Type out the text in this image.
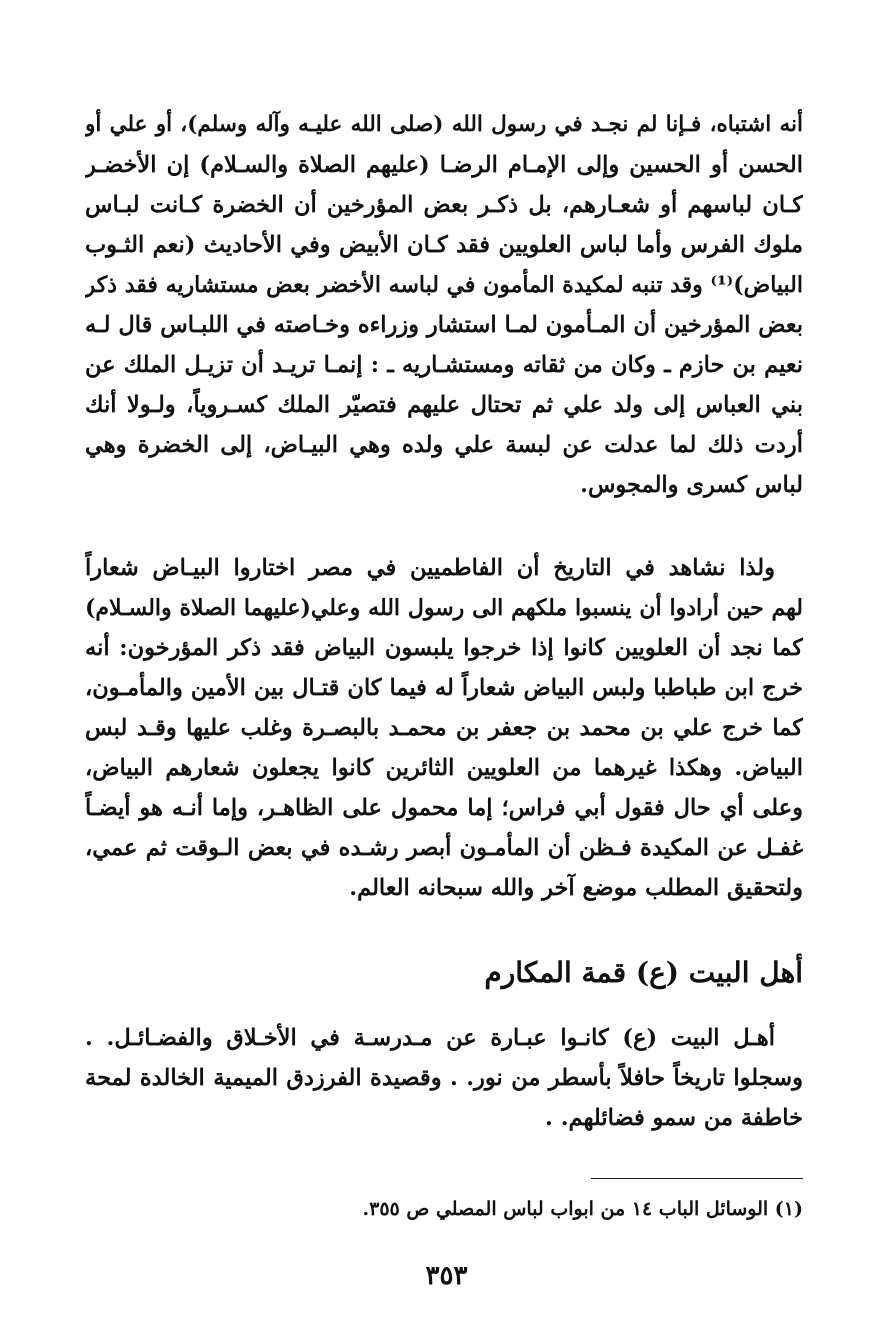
أنه اشتباه، فـإنا لم نجـد في رسول الله (صلى الله عليـه وآله وسلم)، أو علي أو
الحسن أو الحسين وإلى الإمـام الرضـا (عليهم الصلاة والسـلام) إن الأخضـر
كـان لباسهم أو شعـارهم، بل ذكـر بعض المؤرخين أن الخضرة كـانت لبـاس
ملوك الفرس وأما لباس العلويين فقد كـان الأبيض وفي الأحاديث (نعم الثـوب
البياض)⁽¹⁾ وقد تنبه لمكيدة المأمون في لباسه الأخضر بعض مستشاريه فقد ذكر
بعض المؤرخين أن المـأمون لمـا استشار وزراءه وخـاصته في اللبـاس قال لـه
نعيم بن حازم ـ وكان من ثقاته ومستشـاريه ـ : إنمـا تريـد أن تزيـل الملك عن
بني العباس إلى ولد علي ثم تحتال عليهم فتصيّر الملك كسـروياً، ولـولا أنك
أردت ذلك لما عدلت عن لبسة علي ولده وهي البيـاض، إلى الخضرة وهي
لباس كسرى والمجوس.
ولذا نشاهد في التاريخ أن الفاطميين في مصر اختاروا البيـاض شعاراً
لهم حين أرادوا أن ينسبوا ملكهم الى رسول الله وعلي(عليهما الصلاة والسـلام)
كما نجد أن العلويين كانوا إذا خرجوا يلبسون البياض فقد ذكر المؤرخون: أنه
خرج ابن طباطبا ولبس البياض شعاراً له فيما كان قتـال بين الأمين والمأمـون،
كما خرج علي بن محمد بن جعفر بن محمـد بالبصـرة وغلب عليها وقـد لبس
البياض. وهكذا غيرهما من العلويين الثائرين كانوا يجعلون شعارهم البياض،
وعلى أي حال فقول أبي فراس؛ إما محمول على الظاهـر، وإما أنـه هو أيضـاً
غفـل عن المكيدة فـظن أن المأمـون أبصر رشـده في بعض الـوقت ثم عمي،
ولتحقيق المطلب موضع آخر والله سبحانه العالم.
أهل البيت (ع) قمة المكارم
أهـل البيت (ع) كانـوا عبـارة عن مـدرسـة في الأخـلاق والفضـائـل. .
وسجلوا تاريخاً حافلاً بأسطر من نور. . وقصيدة الفرزدق الميمية الخالدة لمحة
خاطفة من سمو فضائلهم. .
(١) الوسائل الباب ١٤ من ابواب لباس المصلي ص ٣٥٥.
٣٥٣
